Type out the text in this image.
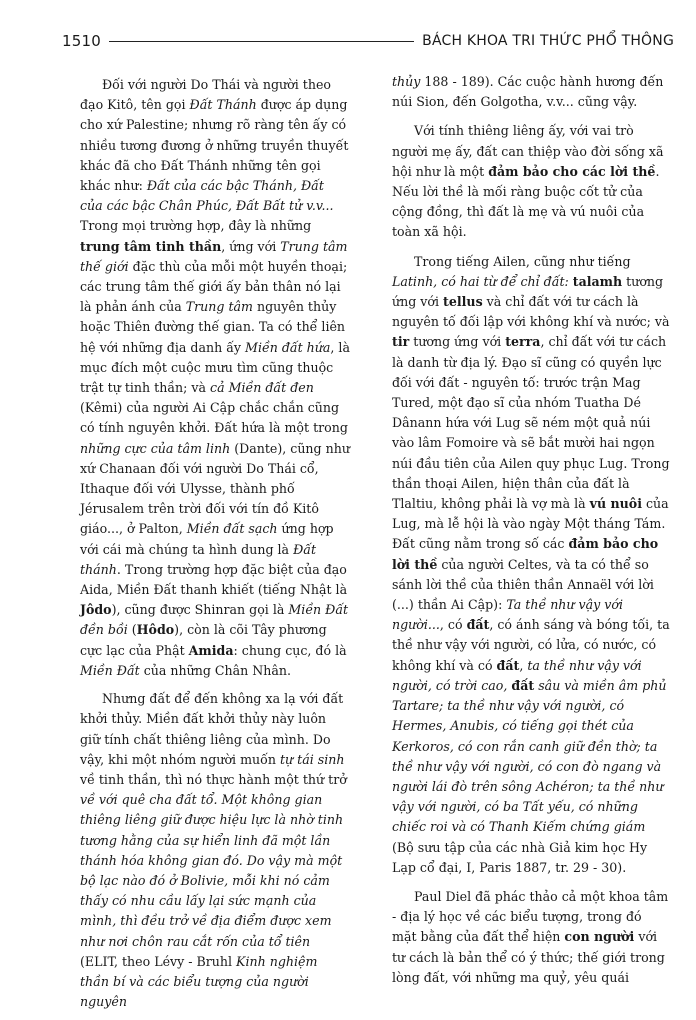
1510	BÁCH KHOA TRI THỨC PHỔ THÔNG

Đối với người Do Thái và người theo đạo Kitô, tên gọi Đất Thánh được áp dụng cho xứ Palestine; nhưng rõ ràng tên ấy có nhiều tương đương ở những truyền thuyết khác đã cho Đất Thánh những tên gọi khác như: Đất của các bậc Thánh, Đất của các bậc Chân Phúc, Đất Bất tử v.v... Trong mọi trường hợp, đây là những trung tâm tinh thần, ứng với Trung tâm thế giới đặc thù của mỗi một huyền thoại; các trung tâm thế giới ấy bản thân nó lại là phản ánh của Trung tâm nguyên thủy hoặc Thiên đường thế gian. Ta có thể liên hệ với những địa danh ấy Miền đất hứa, là mục đích một cuộc mưu tìm cũng thuộc trật tự tinh thần; và cả Miền đất đen (Kêmi) của người Ai Cập chắc chắn cũng có tính nguyên khởi. Đất hứa là một trong những cực của tâm linh (Dante), cũng như xứ Chanaan đối với người Do Thái cổ, Ithaque đối với Ulysse, thành phố Jérusalem trên trời đối với tín đồ Kitô giáo..., ở Palton, Miền đất sạch ứng hợp với cái mà chúng ta hình dung là Đất thánh. Trong trường hợp đặc biệt của đạo Aida, Miền Đất thanh khiết (tiếng Nhật là Jôdo), cũng được Shinran gọi là Miền Đất đền bồi (Hôdo), còn là cõi Tây phương cực lạc của Phật Amida: chung cục, đó là Miền Đất của những Chân Nhân.

Nhưng đất để đến không xa lạ với đất khởi thủy. Miền đất khởi thủy này luôn giữ tính chất thiêng liêng của mình. Do vậy, khi một nhóm người muốn tự tái sinh về tinh thần, thì nó thực hành một thứ trở về với quê cha đất tổ. Một không gian thiêng liêng giữ được hiệu lực là nhờ tinh tương hằng của sự hiển linh đã một lần thánh hóa không gian đó. Do vậy mà một bộ lạc nào đó ở Bolivie, mỗi khi nó cảm thấy có nhu cầu lấy lại sức mạnh của mình, thì đều trở về địa điểm được xem như nơi chôn rau cắt rốn của tổ tiên (ELIT, theo Lévy - Bruhl Kinh nghiệm thần bí và các biểu tượng của người nguyên

thủy 188 - 189). Các cuộc hành hương đến núi Sion, đến Golgotha, v.v... cũng vậy.

Với tính thiêng liêng ấy, với vai trò người mẹ ấy, đất can thiệp vào đời sống xã hội như là một đảm bảo cho các lời thề. Nếu lời thề là mối ràng buộc cốt tử của cộng đồng, thì đất là mẹ và vú nuôi của toàn xã hội.

Trong tiếng Ailen, cũng như tiếng Latinh, có hai từ để chỉ đất: talamh tương ứng với tellus và chỉ đất với tư cách là nguyên tố đối lập với không khí và nước; và tir tương ứng với terra, chỉ đất với tư cách là danh từ địa lý. Đạo sĩ cũng có quyền lực đối với đất - nguyên tố: trước trận Mag Tured, một đạo sĩ của nhóm Tuatha Dé Dânann hứa với Lug sẽ ném một quả núi vào lâm Fomoire và sẽ bắt mười hai ngọn núi đầu tiên của Ailen quy phục Lug. Trong thần thoại Ailen, hiện thân của đất là Tlaltiu, không phải là vợ mà là vú nuôi của Lug, mà lễ hội là vào ngày Một tháng Tám. Đất cũng nằm trong số các đảm bảo cho lời thề của người Celtes, và ta có thể so sánh lời thề của thiên thần Annaël với lời (...) thần Ai Cập): Ta thề như vậy với người..., có đất, có ánh sáng và bóng tối, ta thề như vậy với người, có lửa, có nước, có không khí và có đất, ta thề như vậy với người, có trời cao, đất sâu và miền âm phủ Tartare; ta thề như vậy với người, có Hermes, Anubis, có tiếng gọi thét của Kerkoros, có con rắn canh giữ đền thờ; ta thề như vậy với người, có con đò ngang và người lái đò trên sông Achéron; ta thề như vậy với người, có ba Tất yếu, có những chiếc roi và có Thanh Kiếm chứng giám (Bộ sưu tập của các nhà Giả kim học Hy Lạp cổ đại, I, Paris 1887, tr. 29 - 30).

Paul Diel đã phác thảo cả một khoa tâm - địa lý học về các biểu tượng, trong đó mặt bằng của đất thể hiện con người với tư cách là bản thể có ý thức; thế giới trong lòng đất, với những ma quỷ, yêu quái
